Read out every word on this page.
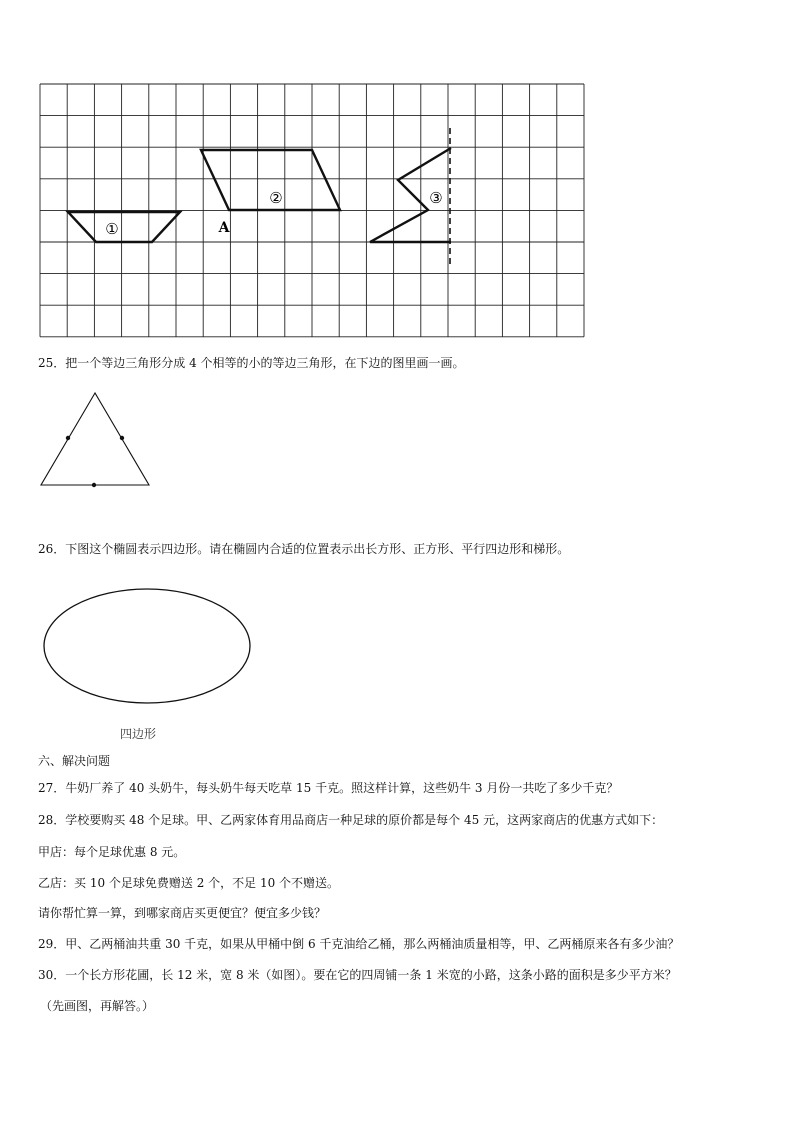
①
②	③
A
25．把一个等边三角形分成 4 个相等的小的等边三角形，在下边的图里画一画。
26．下图这个椭圆表示四边形。请在椭圆内合适的位置表示出长方形、正方形、平行四边形和梯形。
四边形
六、解决问题
27．牛奶厂养了 40 头奶牛，每头奶牛每天吃草 15 千克。照这样计算，这些奶牛 3 月份一共吃了多少千克？
28．学校要购买 48 个足球。甲、乙两家体育用品商店一种足球的原价都是每个 45 元，这两家商店的优惠方式如下：
甲店：每个足球优惠 8 元。
乙店：买 10 个足球免费赠送 2 个，不足 10 个不赠送。
请你帮忙算一算，到哪家商店买更便宜？便宜多少钱？
29．甲、乙两桶油共重 30 千克，如果从甲桶中倒 6 千克油给乙桶，那么两桶油质量相等，甲、乙两桶原来各有多少油？
30．一个长方形花圃，长 12 米，宽 8 米（如图）。要在它的四周铺一条 1 米宽的小路，这条小路的面积是多少平方米？
（先画图，再解答。）
